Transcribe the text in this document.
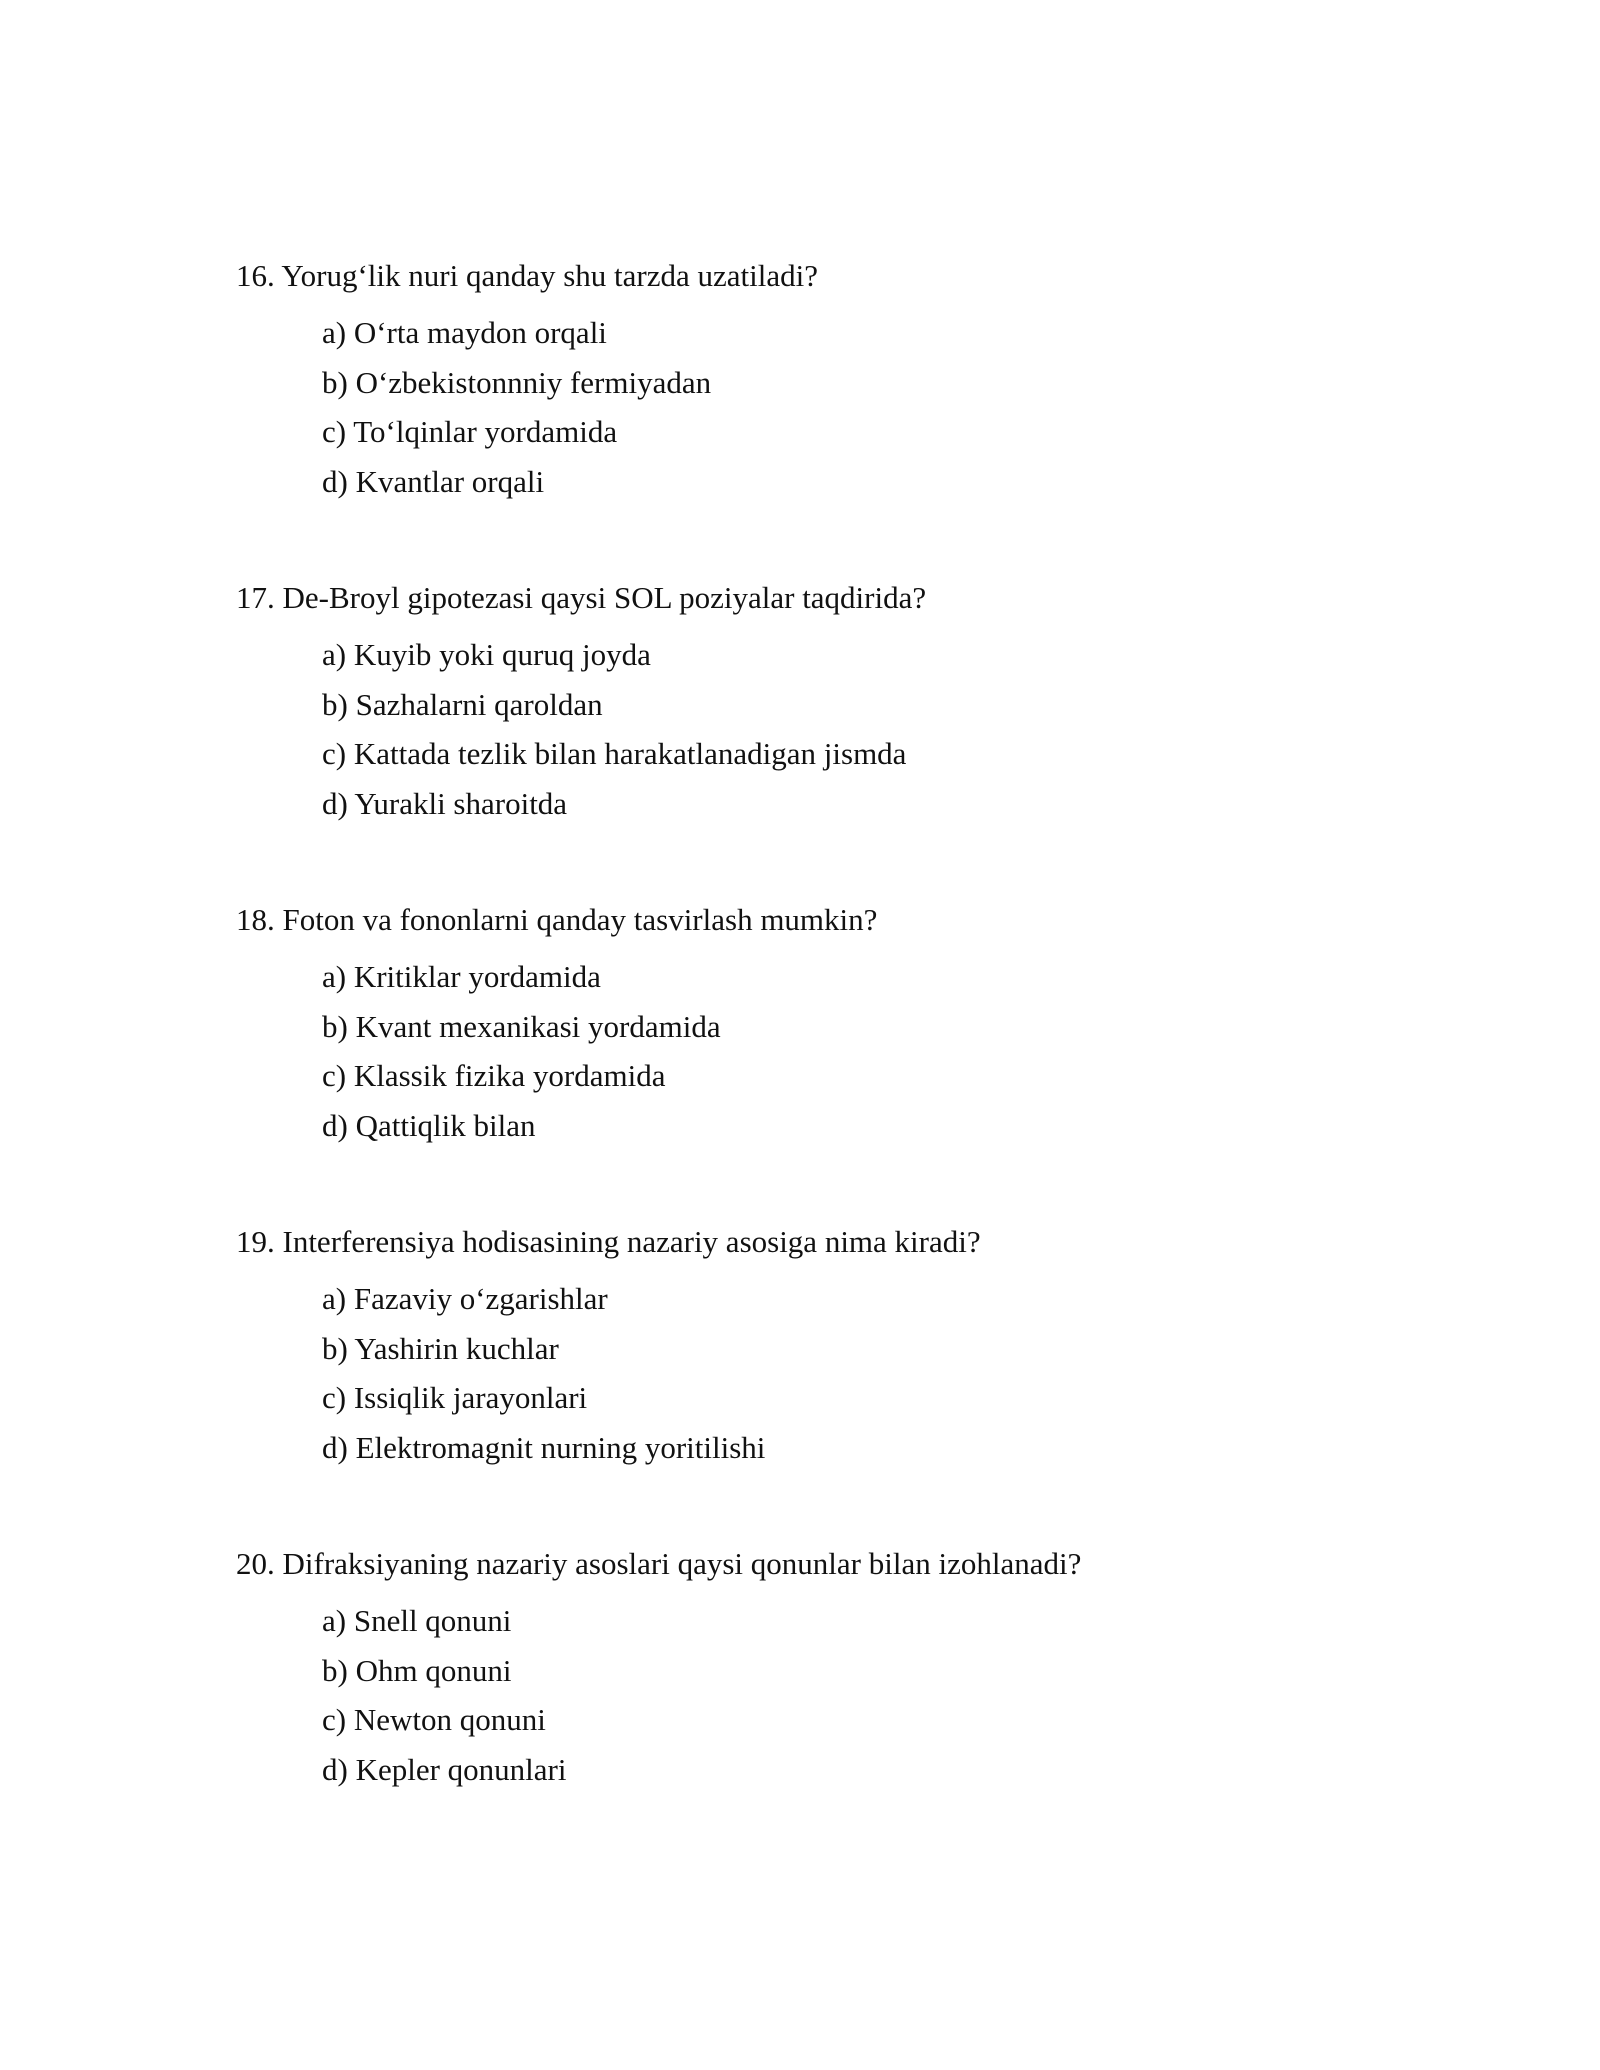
16. Yorug‘lik nuri qanday shu tarzda uzatiladi?
a) O‘rta maydon orqali
b) O‘zbekistonnniy fermiyadan
c) To‘lqinlar yordamida
d) Kvantlar orqali
17. De-Broyl gipotezasi qaysi SOL poziyalar taqdirida?
a) Kuyib yoki quruq joyda
b) Sazhalarni qaroldan
c) Kattada tezlik bilan harakatlanadigan jismda
d) Yurakli sharoitda
18. Foton va fononlarni qanday tasvirlash mumkin?
a) Kritiklar yordamida
b) Kvant mexanikasi yordamida
c) Klassik fizika yordamida
d) Qattiqlik bilan
19. Interferensiya hodisasining nazariy asosiga nima kiradi?
a) Fazaviy o‘zgarishlar
b) Yashirin kuchlar
c) Issiqlik jarayonlari
d) Elektromagnit nurning yoritilishi
20. Difraksiyaning nazariy asoslari qaysi qonunlar bilan izohlanadi?
a) Snell qonuni
b) Ohm qonuni
c) Newton qonuni
d) Kepler qonunlari
